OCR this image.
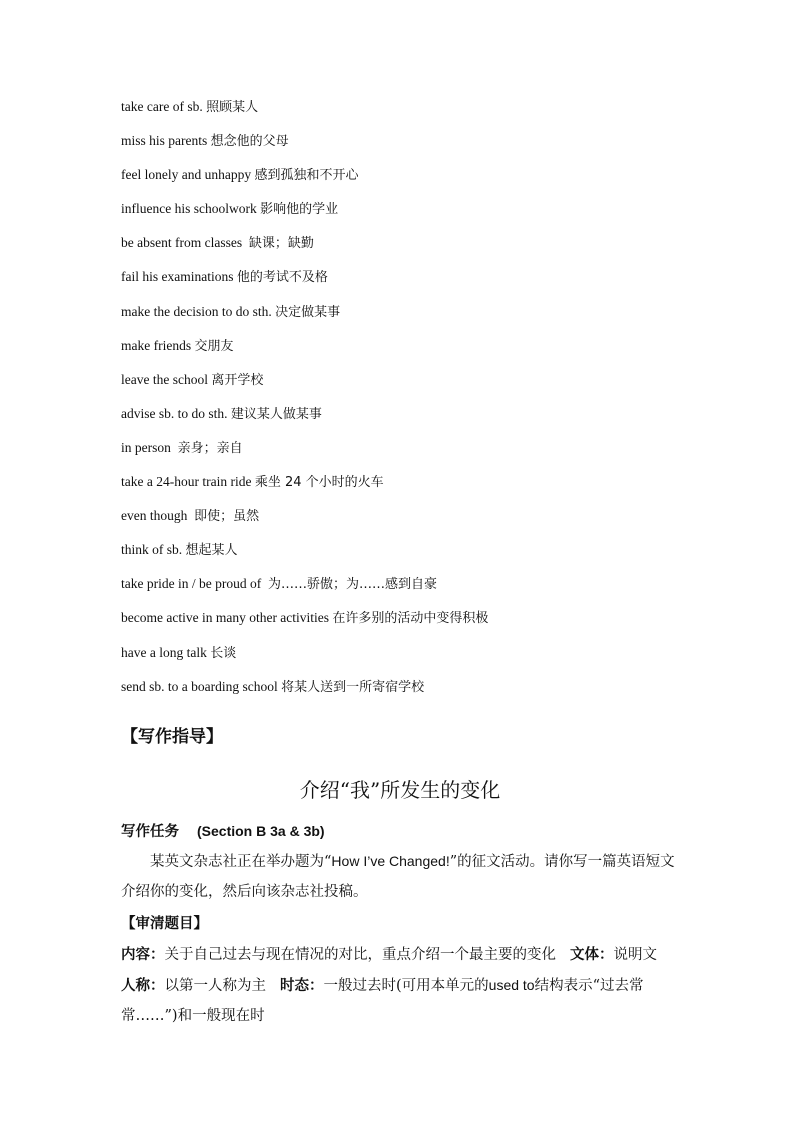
take care of sb. 照顾某人
miss his parents 想念他的父母
feel lonely and unhappy 感到孤独和不开心
influence his schoolwork 影响他的学业
be absent from classes 缺课；缺勤
fail his examinations 他的考试不及格
make the decision to do sth. 决定做某事
make friends 交朋友
leave the school 离开学校
advise sb. to do sth. 建议某人做某事
in person 亲身；亲自
take a 24-hour train ride 乘坐 24 个小时的火车
even though 即使；虽然
think of sb. 想起某人
take pride in / be proud of 为……骄傲；为……感到自豪
become active in many other activities 在许多别的活动中变得积极
have a long talk 长谈
send sb. to a boarding school 将某人送到一所寄宿学校
【写作指导】
介绍“我”所发生的变化
写作任务 (Section B 3a & 3b)
某英文杂志社正在举办题为“How I’ve Changed!”的征文活动。请你写一篇英语短文介绍你的变化，然后向该杂志社投稿。
【审清题目】
内容：关于自己过去与现在情况的对比，重点介绍一个最主要的变化 文体：说明文人称：以第一人称为主 时态：一般过去时(可用本单元的used to结构表示“过去常常……”)和一般现在时
